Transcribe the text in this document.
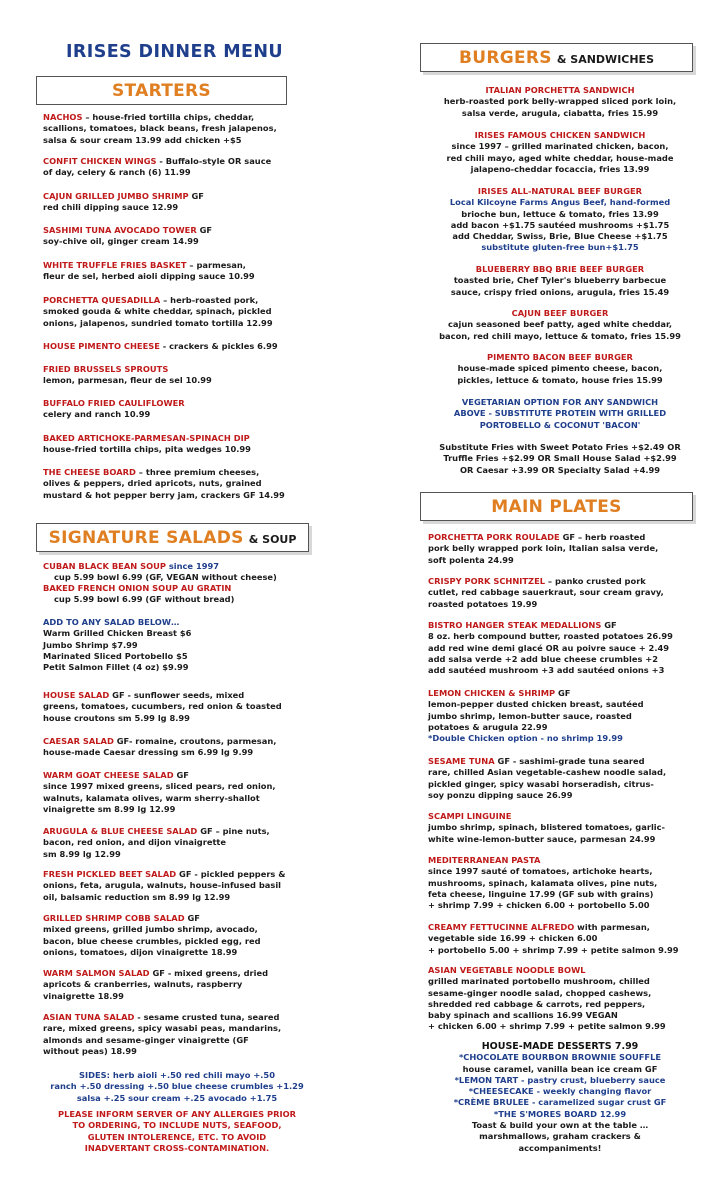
IRISES DINNER MENU
STARTERS
NACHOS – house-fried tortilla chips, cheddar,
scallions, tomatoes, black beans, fresh jalapenos,
salsa & sour cream 13.99 add chicken +$5
CONFIT CHICKEN WINGS - Buffalo-style OR sauce
of day, celery & ranch (6) 11.99
CAJUN GRILLED JUMBO SHRIMP GF
red chili dipping sauce 12.99
SASHIMI TUNA AVOCADO TOWER GF
soy-chive oil, ginger cream 14.99
WHITE TRUFFLE FRIES BASKET – parmesan,
fleur de sel, herbed aioli dipping sauce 10.99
PORCHETTA QUESADILLA – herb-roasted pork,
smoked gouda & white cheddar, spinach, pickled
onions, jalapenos, sundried tomato tortilla 12.99
HOUSE PIMENTO CHEESE - crackers & pickles 6.99
FRIED BRUSSELS SPROUTS
lemon, parmesan, fleur de sel 10.99
BUFFALO FRIED CAULIFLOWER
celery and ranch 10.99
BAKED ARTICHOKE-PARMESAN-SPINACH DIP
house-fried tortilla chips, pita wedges 10.99
THE CHEESE BOARD – three premium cheeses,
olives & peppers, dried apricots, nuts, grained
mustard & hot pepper berry jam, crackers GF 14.99
SIGNATURE SALADS & SOUP
CUBAN BLACK BEAN SOUP since 1997
cup 5.99 bowl 6.99 (GF, VEGAN without cheese)
BAKED FRENCH ONION SOUP AU GRATIN
cup 5.99 bowl 6.99 (GF without bread)
ADD TO ANY SALAD BELOW…
Warm Grilled Chicken Breast $6
Jumbo Shrimp $7.99
Marinated Sliced Portobello $5
Petit Salmon Fillet (4 oz) $9.99
HOUSE SALAD GF - sunflower seeds, mixed
greens, tomatoes, cucumbers, red onion & toasted
house croutons sm 5.99 lg 8.99
CAESAR SALAD GF- romaine, croutons, parmesan,
house-made Caesar dressing sm 6.99 lg 9.99
WARM GOAT CHEESE SALAD GF
since 1997 mixed greens, sliced pears, red onion,
walnuts, kalamata olives, warm sherry-shallot
vinaigrette sm 8.99 lg 12.99
ARUGULA & BLUE CHEESE SALAD GF – pine nuts,
bacon, red onion, and dijon vinaigrette
sm 8.99 lg 12.99
FRESH PICKLED BEET SALAD GF - pickled peppers &
onions, feta, arugula, walnuts, house-infused basil
oil, balsamic reduction sm 8.99 lg 12.99
GRILLED SHRIMP COBB SALAD GF
mixed greens, grilled jumbo shrimp, avocado,
bacon, blue cheese crumbles, pickled egg, red
onions, tomatoes, dijon vinaigrette 18.99
WARM SALMON SALAD GF - mixed greens, dried
apricots & cranberries, walnuts, raspberry
vinaigrette 18.99
ASIAN TUNA SALAD - sesame crusted tuna, seared
rare, mixed greens, spicy wasabi peas, mandarins,
almonds and sesame-ginger vinaigrette (GF
without peas) 18.99
SIDES: herb aioli +.50 red chili mayo +.50
ranch +.50 dressing +.50 blue cheese crumbles +1.29
salsa +.25 sour cream +.25 avocado +1.75
PLEASE INFORM SERVER OF ANY ALLERGIES PRIOR
TO ORDERING, TO INCLUDE NUTS, SEAFOOD,
GLUTEN INTOLERENCE, ETC. TO AVOID
INADVERTANT CROSS-CONTAMINATION.
BURGERS & SANDWICHES
ITALIAN PORCHETTA SANDWICH
herb-roasted pork belly-wrapped sliced pork loin,
salsa verde, arugula, ciabatta, fries 15.99
IRISES FAMOUS CHICKEN SANDWICH
since 1997 – grilled marinated chicken, bacon,
red chili mayo, aged white cheddar, house-made
jalapeno-cheddar focaccia, fries 13.99
IRISES ALL-NATURAL BEEF BURGER
Local Kilcoyne Farms Angus Beef, hand-formed
brioche bun, lettuce & tomato, fries 13.99
add bacon +$1.75 sautéed mushrooms +$1.75
add Cheddar, Swiss, Brie, Blue Cheese +$1.75
substitute gluten-free bun+$1.75
BLUEBERRY BBQ BRIE BEEF BURGER
toasted brie, Chef Tyler's blueberry barbecue
sauce, crispy fried onions, arugula, fries 15.49
CAJUN BEEF BURGER
cajun seasoned beef patty, aged white cheddar,
bacon, red chili mayo, lettuce & tomato, fries 15.99
PIMENTO BACON BEEF BURGER
house-made spiced pimento cheese, bacon,
pickles, lettuce & tomato, house fries 15.99
VEGETARIAN OPTION FOR ANY SANDWICH
ABOVE - SUBSTITUTE PROTEIN WITH GRILLED
PORTOBELLO & COCONUT 'BACON'
Substitute Fries with Sweet Potato Fries +$2.49 OR
Truffle Fries +$2.99 OR Small House Salad +$2.99
OR Caesar +3.99 OR Specialty Salad +4.99
MAIN PLATES
PORCHETTA PORK ROULADE GF – herb roasted
pork belly wrapped pork loin, Italian salsa verde,
soft polenta 24.99
CRISPY PORK SCHNITZEL – panko crusted pork
cutlet, red cabbage sauerkraut, sour cream gravy,
roasted potatoes 19.99
BISTRO HANGER STEAK MEDALLIONS GF
8 oz. herb compound butter, roasted potatoes 26.99
add red wine demi glacé OR au poivre sauce + 2.49
add salsa verde +2 add blue cheese crumbles +2
add sautéed mushroom +3 add sautéed onions +3
LEMON CHICKEN & SHRIMP GF
lemon-pepper dusted chicken breast, sautéed
jumbo shrimp, lemon-butter sauce, roasted
potatoes & arugula 22.99
*Double Chicken option - no shrimp 19.99
SESAME TUNA GF - sashimi-grade tuna seared
rare, chilled Asian vegetable-cashew noodle salad,
pickled ginger, spicy wasabi horseradish, citrus-
soy ponzu dipping sauce 26.99
SCAMPI LINGUINE
jumbo shrimp, spinach, blistered tomatoes, garlic-
white wine-lemon-butter sauce, parmesan 24.99
MEDITERRANEAN PASTA
since 1997 sauté of tomatoes, artichoke hearts,
mushrooms, spinach, kalamata olives, pine nuts,
feta cheese, linguine 17.99 (GF sub with grains)
+ shrimp 7.99 + chicken 6.00 + portobello 5.00
CREAMY FETTUCINNE ALFREDO with parmesan,
vegetable side 16.99 + chicken 6.00
+ portobello 5.00 + shrimp 7.99 + petite salmon 9.99
ASIAN VEGETABLE NOODLE BOWL
grilled marinated portobello mushroom, chilled
sesame-ginger noodle salad, chopped cashews,
shredded red cabbage & carrots, red peppers,
baby spinach and scallions 16.99 VEGAN
+ chicken 6.00 + shrimp 7.99 + petite salmon 9.99
HOUSE-MADE DESSERTS 7.99
*CHOCOLATE BOURBON BROWNIE SOUFFLE
house caramel, vanilla bean ice cream GF
*LEMON TART - pastry crust, blueberry sauce
*CHEESECAKE - weekly changing flavor
*CRÈME BRULEE - caramelized sugar crust GF
*THE S'MORES BOARD 12.99
Toast & build your own at the table …
marshmallows, graham crackers &
accompaniments!
